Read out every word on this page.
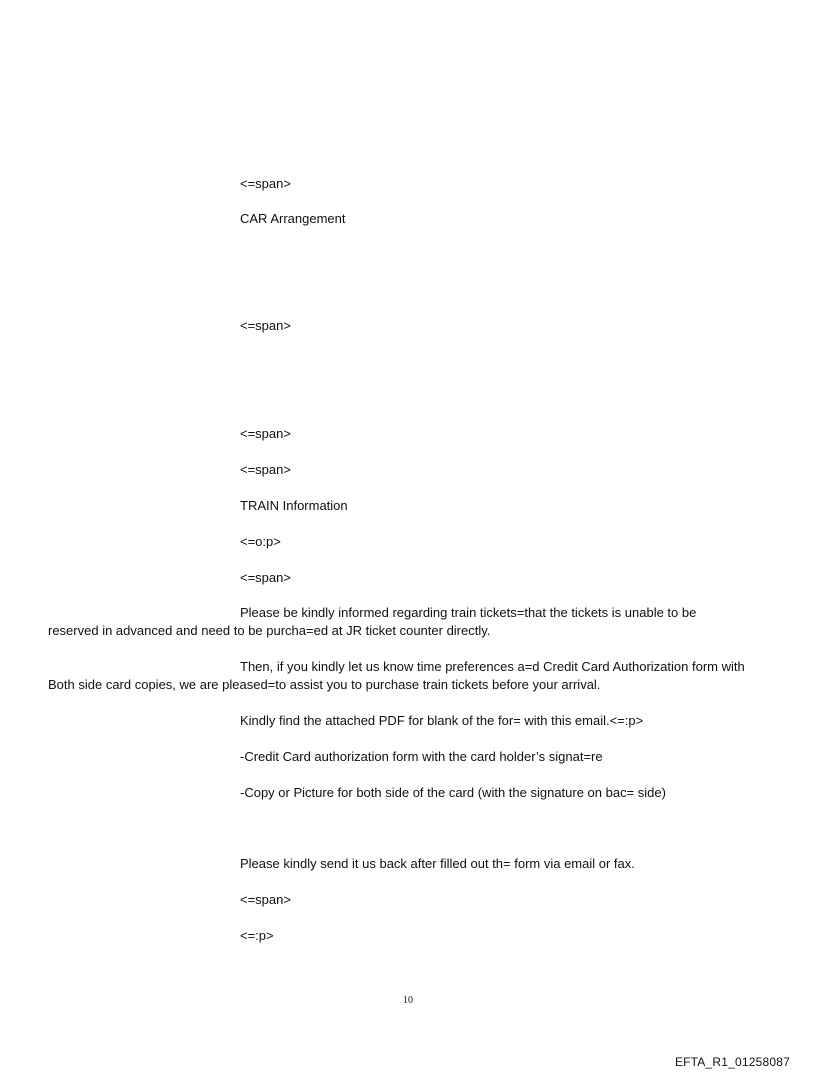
<=span>
CAR Arrangement
<=span>
<=span>
<=span>
TRAIN Information
<=o:p>
<=span>
Please be kindly informed regarding train tickets=that the tickets is unable to be reserved in advanced and need to be purcha=ed at JR ticket counter directly.
Then, if you kindly let us know time preferences a=d Credit Card Authorization form with Both side card copies, we are pleased=to assist you to purchase train tickets before your arrival.
Kindly find the attached PDF for blank of the for= with this email.<=:p>
-Credit Card authorization form with the card holder’s signat=re
-Copy or Picture for both side of the card (with the signature on bac= side)
Please kindly send it us back after filled out th= form via email or fax.
<=span>
<=:p>
10
EFTA_R1_01258087
